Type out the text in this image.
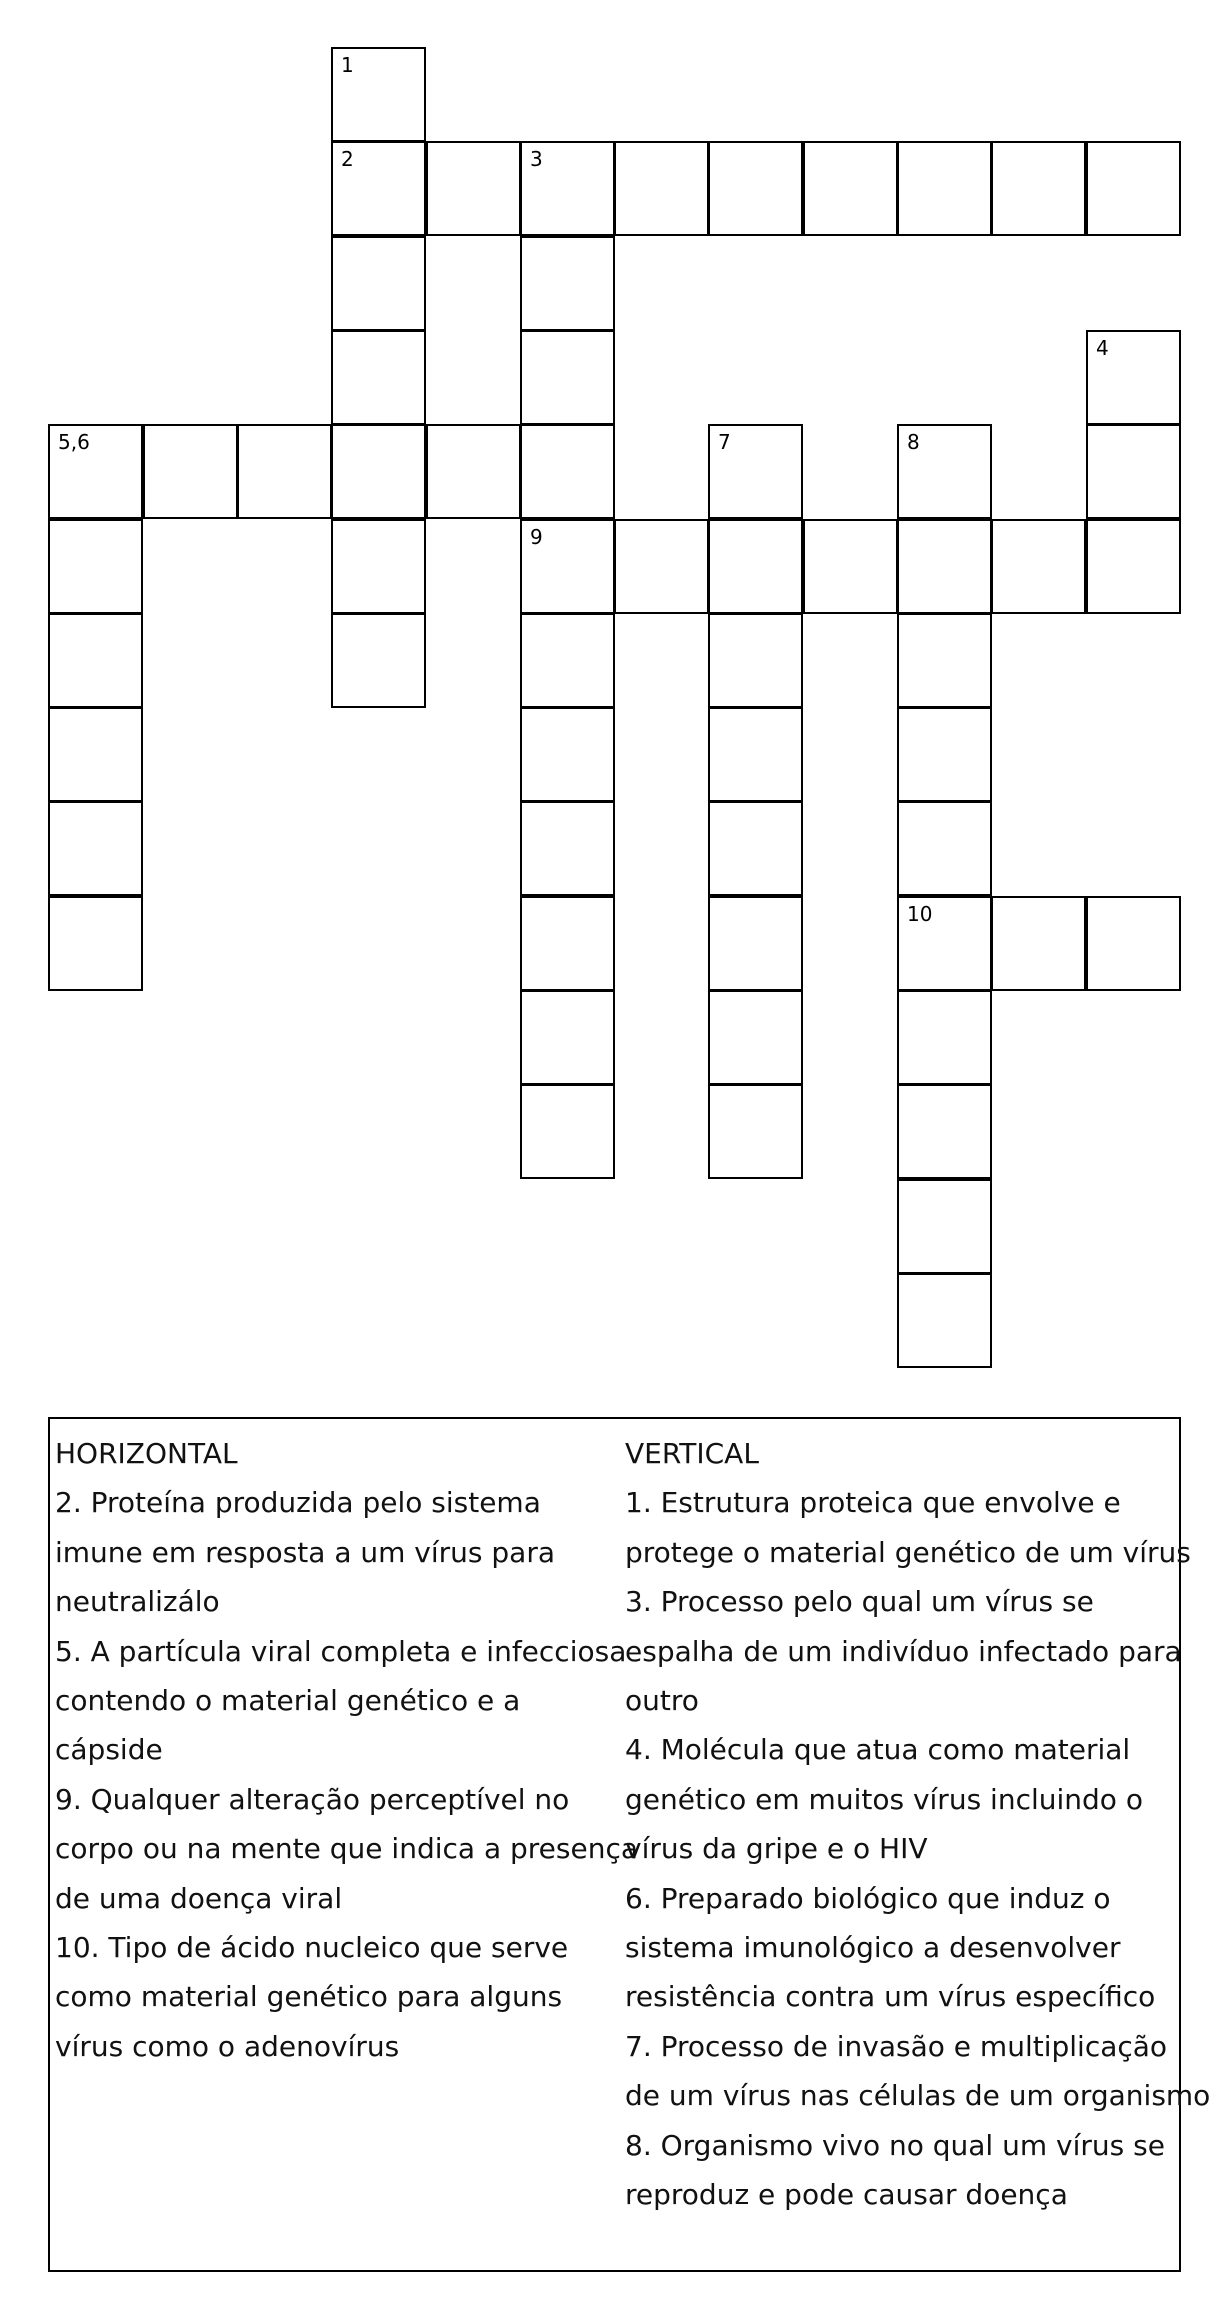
1
2	3
4
5,6	7	8
9
10
HORIZONTAL
2. Proteína produzida pelo sistema
imune em resposta a um vírus para
neutralizálo
5. A partícula viral completa e infecciosa
contendo o material genético e a
cápside
9. Qualquer alteração perceptível no
corpo ou na mente que indica a presença
de uma doença viral
10. Tipo de ácido nucleico que serve
como material genético para alguns
vírus como o adenovírus
VERTICAL
1. Estrutura proteica que envolve e
protege o material genético de um vírus
3. Processo pelo qual um vírus se
espalha de um indivíduo infectado para
outro
4. Molécula que atua como material
genético em muitos vírus incluindo o
vírus da gripe e o HIV
6. Preparado biológico que induz o
sistema imunológico a desenvolver
resistência contra um vírus específico
7. Processo de invasão e multiplicação
de um vírus nas células de um organismo
8. Organismo vivo no qual um vírus se
reproduz e pode causar doença
